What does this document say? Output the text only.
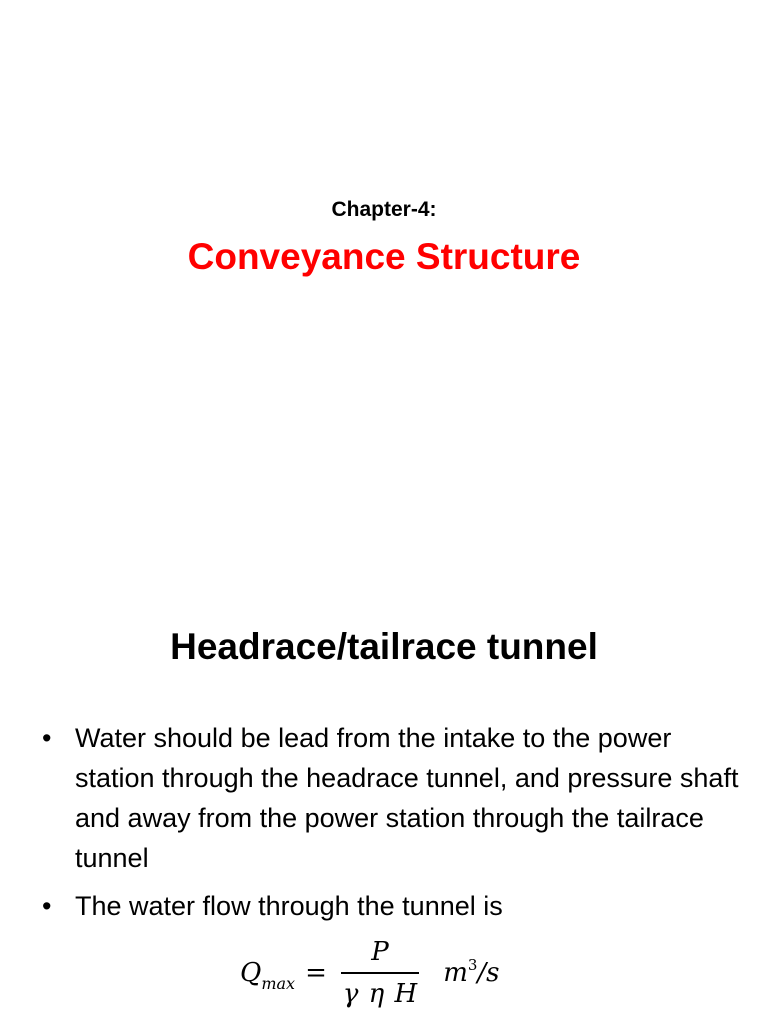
Chapter-4:
Conveyance Structure
Headrace/tailrace tunnel
• Water should be lead from the intake to the power station through the headrace tunnel, and pressure shaft and away from the power station through the tailrace tunnel
• The water flow through the tunnel is
$Q_{max} = \frac{P}{\text{γ η H}} m^3/s$
